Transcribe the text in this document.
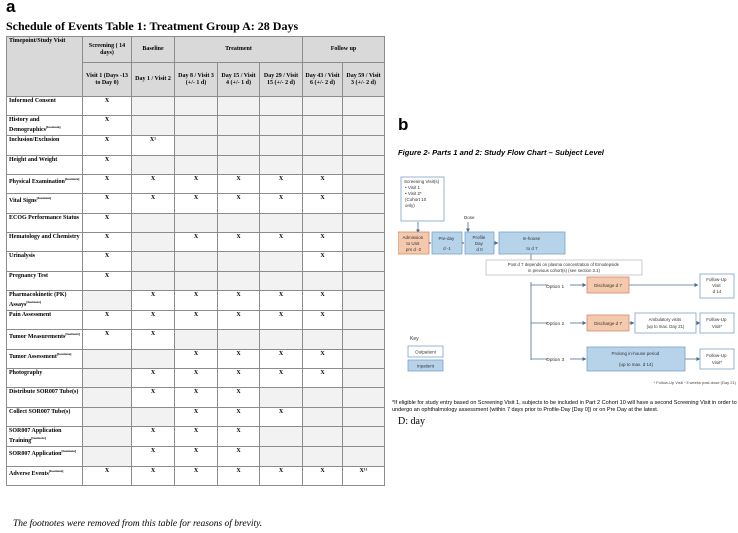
a
Schedule of Events Table 1: Treatment Group A: 28 Days
Timepoint/Study Visit	Screening ( 14 days)	Baseline	Treatment			Follow up	
	Visit 1 (Days -13 to Day 0)	Day 1 / Visit 2	Day 8 / Visit 3 (+/- 1 d)	Day 15 / Visit 4 (+/- 1 d)	Day 29 / Visit 15 (+/- 2 d)	Day 43 / Visit 6 (+/- 2 d)	Day 59 / Visit 3 (+/- 2 d)
Informed Consent	X						
History and Demographics[footnote]	X						
Inclusion/Exclusion	X	X¹					
Height and Weight	X						
Physical Examination[footnote]	X	X	X	X	X	X	
Vital Signs[footnote]	X	X	X	X	X	X	
ECOG Performance Status	X						
Hematology and Chemistry	X		X	X	X	X	
Urinalysis	X					X	
Pregnancy Test	X						
Pharmacokinetic (PK) Assays[footnote]		X	X	X	X	X	
Pain Assessment	X	X	X	X	X	X	
Tumor Measurements[footnote]	X	X					
Tumor Assessment[footnote]			X	X	X	X	
Photography		X	X	X	X	X	
Distribute SOR007 Tube(s)		X	X	X			
Collect SOR007 Tube(s)			X	X	X		
SOR007 Application Training[footnote]		X	X	X			
SOR007 Application[footnote]		X	X	X			
Adverse Events[footnote]	X	X	X	X	X	X	X¹¹
The footnotes were removed from this table for reasons of brevity.
b
Figure 2- Parts 1 and 2: Study Flow Chart – Subject Level
Screening Visit(s) • Visit 1 • Visit 2* (Cohort 10 only)
Dose
Admission to Unit pm d -2
Pre-day d -1
Profile Day d 0
In-house to d 7
Post d 7 depends on plasma concentration of Emodepside in previous cohort(s) (see section 3.1)
Option 1
Option 2
Option 3
Discharge d 7
Follow-Up Visit d 14
Discharge d 7
Ambulatory visits (up to max. Day 21)
Follow-Up Visit*
Prolong in-house period (up to max. d 14)
Follow-Up Visit*
Key
Outpatient
Inpatient
* Follow-Up Visit ~3 weeks post-dose (Day 21)
*If eligible for study entry based on Screening Visit 1, subjects to be included in Part 2 Cohort 10 will have a second Screening Visit in order to undergo an ophthalmology assessment (within 7 days prior to Profile-Day [Day 0]) or on Pre Day at the latest.
D: day
